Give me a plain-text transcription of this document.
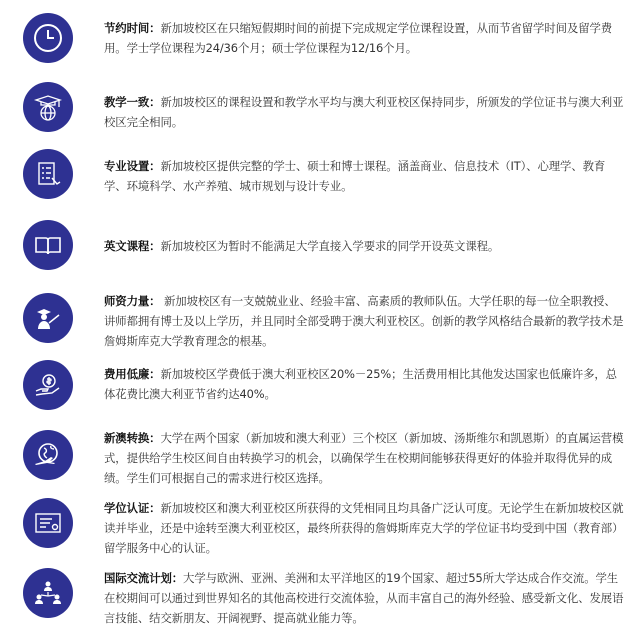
节约时间：新加坡校区在只缩短假期时间的前提下完成规定学位课程设置，从而节省留学时间及留学费用。学士学位课程为24/36个月；硕士学位课程为12/16个月。
教学一致：新加坡校区的课程设置和教学水平均与澳大利亚校区保持同步，所颁发的学位证书与澳大利亚校区完全相同。
专业设置：新加坡校区提供完整的学士、硕士和博士课程。涵盖商业、信息技术（IT）、心理学、教育学、环境科学、水产养殖、城市规划与设计专业。
英文课程：新加坡校区为暂时不能满足大学直接入学要求的同学开设英文课程。
师资力量： 新加坡校区有一支兢兢业业、经验丰富、高素质的教师队伍。大学任职的每一位全职教授、讲师都拥有博士及以上学历，并且同时全部受聘于澳大利亚校区。创新的教学风格结合最新的教学技术是詹姆斯库克大学教育理念的根基。
费用低廉：新加坡校区学费低于澳大利亚校区20%－25%；生活费用相比其他发达国家也低廉许多，总体花费比澳大利亚节省约达40%。
新澳转换：大学在两个国家（新加坡和澳大利亚）三个校区（新加坡、汤斯维尔和凯恩斯）的直属运营模式，提供给学生校区间自由转换学习的机会，以确保学生在校期间能够获得更好的体验并取得优异的成绩。学生们可根据自己的需求进行校区选择。
学位认证：新加坡校区和澳大利亚校区所获得的文凭相同且均具备广泛认可度。无论学生在新加坡校区就读并毕业，还是中途转至澳大利亚校区，最终所获得的詹姆斯库克大学的学位证书均受到中国（教育部）留学服务中心的认证。
国际交流计划：大学与欧洲、亚洲、美洲和太平洋地区的19个国家、超过55所大学达成合作交流。学生在校期间可以通过到世界知名的其他高校进行交流体验，从而丰富自己的海外经验、感受新文化、发展语言技能、结交新朋友、开阔视野、提高就业能力等。
